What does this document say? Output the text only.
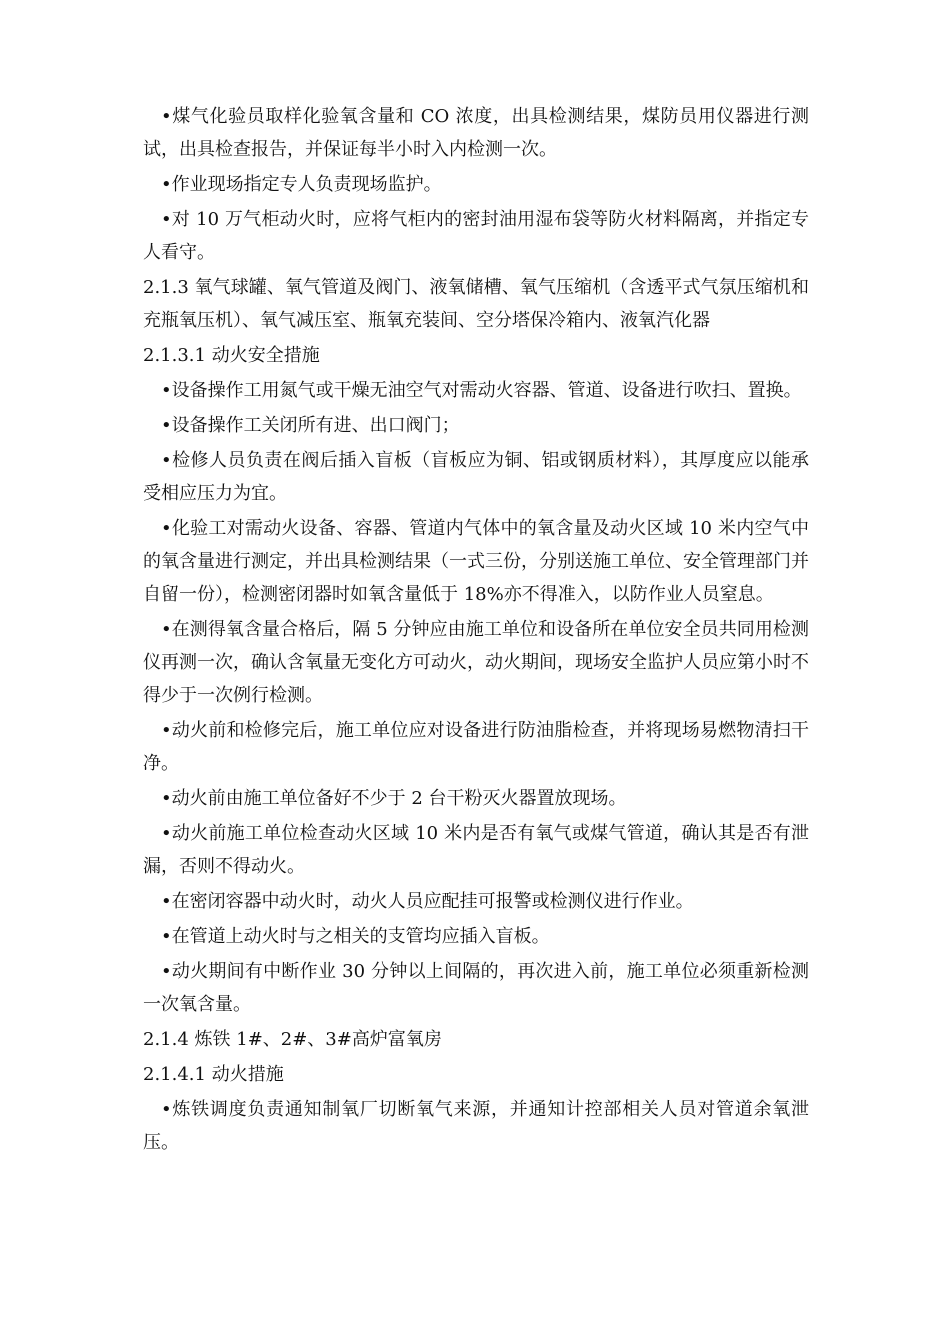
•煤气化验员取样化验氧含量和 CO 浓度，出具检测结果，煤防员用仪器进行测试，出具检查报告，并保证每半小时入内检测一次。

•作业现场指定专人负责现场监护。

•对 10 万气柜动火时，应将气柜内的密封油用湿布袋等防火材料隔离，并指定专人看守。

2.1.3 氧气球罐、氧气管道及阀门、液氧储槽、氧气压缩机（含透平式气氛压缩机和充瓶氧压机）、氧气减压室、瓶氧充装间、空分塔保冷箱内、液氧汽化器

2.1.3.1 动火安全措施

•设备操作工用氮气或干燥无油空气对需动火容器、管道、设备进行吹扫、置换。

•设备操作工关闭所有进、出口阀门；

•检修人员负责在阀后插入盲板（盲板应为铜、铝或钢质材料），其厚度应以能承受相应压力为宜。

•化验工对需动火设备、容器、管道内气体中的氧含量及动火区域 10 米内空气中的氧含量进行测定，并出具检测结果（一式三份，分别送施工单位、安全管理部门并自留一份），检测密闭器时如氧含量低于 18%亦不得准入，以防作业人员窒息。

•在测得氧含量合格后，隔 5 分钟应由施工单位和设备所在单位安全员共同用检测仪再测一次，确认含氧量无变化方可动火，动火期间，现场安全监护人员应第小时不得少于一次例行检测。

•动火前和检修完后，施工单位应对设备进行防油脂检查，并将现场易燃物清扫干净。

•动火前由施工单位备好不少于 2 台干粉灭火器置放现场。

•动火前施工单位检查动火区域 10 米内是否有氧气或煤气管道，确认其是否有泄漏，否则不得动火。

•在密闭容器中动火时，动火人员应配挂可报警或检测仪进行作业。

•在管道上动火时与之相关的支管均应插入盲板。

•动火期间有中断作业 30 分钟以上间隔的，再次进入前，施工单位必须重新检测一次氧含量。

2.1.4 炼铁 1#、2#、3#高炉富氧房

2.1.4.1 动火措施

•炼铁调度负责通知制氧厂切断氧气来源，并通知计控部相关人员对管道余氧泄压。
